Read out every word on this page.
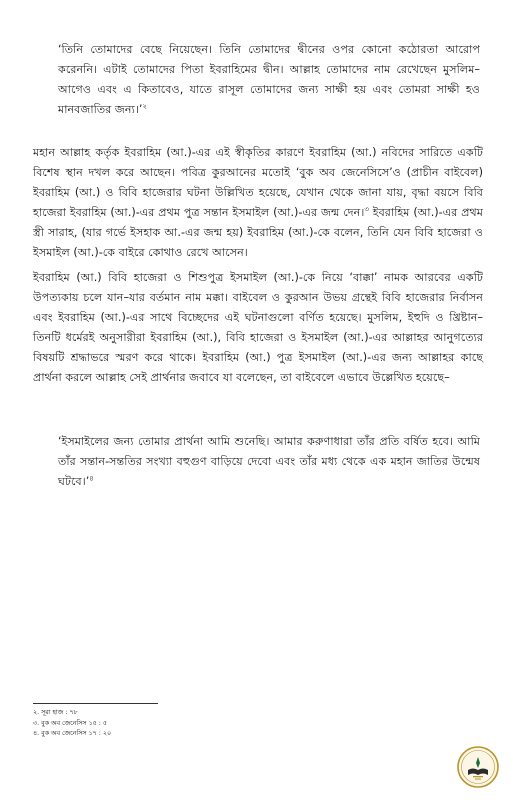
‘তিনি তোমাদের বেছে নিয়েছেন। তিনি তোমাদের দ্বীনের ওপর কোনো কঠোরতা আরোপ করেননি। এটাই তোমাদের পিতা ইবরাহিমের দ্বীন। আল্লাহ তোমাদের নাম রেখেছেন মুসলিম– আগেও এবং এ কিতাবেও, যাতে রাসূল তোমাদের জন্য সাক্ষী হয় এবং তোমরা সাক্ষী হও মানবজাতির জন্য।’$^২$

মহান আল্লাহ কর্তৃক ইবরাহিম (আ.)-এর এই স্বীকৃতির কারণে ইবরাহিম (আ.) নবিদের সারিতে একটি বিশেষ স্থান দখল করে আছেন। পবিত্র কুরআনের মতোই ‘বুক অব জেনেসিসে’ও (প্রাচীন বাইবেল) ইবরাহিম (আ.) ও বিবি হাজেরার ঘটনা উল্লিখিত হয়েছে, যেখান থেকে জানা যায়, বৃদ্ধা বয়সে বিবি হাজেরা ইবরাহিম (আ.)-এর প্রথম পুত্র সন্তান ইসমাইল (আ.)-এর জন্ম দেন।$^৩$ ইবরাহিম (আ.)-এর প্রথম স্ত্রী সারাহ, (যার গর্ভে ইসহাক আ.-এর জন্ম হয়) ইবরাহিম (আ.)-কে বলেন, তিনি যেন বিবি হাজেরা ও ইসমাইল (আ.)-কে বাইরে কোথাও রেখে আসেন।

ইবরাহিম (আ.) বিবি হাজেরা ও শিশুপুত্র ইসমাইল (আ.)-কে নিয়ে ‘বাক্কা’ নামক আরবের একটি উপত্যকায় চলে যান–যার বর্তমান নাম মক্কা। বাইবেল ও কুরআন উভয় গ্রন্থেই বিবি হাজেরার নির্বাসন এবং ইবরাহিম (আ.)-এর সাথে বিচ্ছেদের এই ঘটনাগুলো বর্ণিত হয়েছে। মুসলিম, ইহুদি ও খ্রিষ্টান– তিনটি ধর্মেরই অনুসারীরা ইবরাহিম (আ.), বিবি হাজেরা ও ইসমাইল (আ.)-এর আল্লাহর আনুগত্যের বিষয়টি শ্রদ্ধাভরে স্মরণ করে থাকে। ইবরাহিম (আ.) পুত্র ইসমাইল (আ.)-এর জন্য আল্লাহর কাছে প্রার্থনা করলে আল্লাহ সেই প্রার্থনার জবাবে যা বলেছেন, তা বাইবেলে এভাবে উল্লেখিত হয়েছে–

‘ইসমাইলের জন্য তোমার প্রার্থনা আমি শুনেছি। আমার করুণাধারা তাঁর প্রতি বর্ষিত হবে। আমি তাঁর সন্তান-সন্ততির সংখ্যা বহুগুণ বাড়িয়ে দেবো এবং তাঁর মধ্য থেকে এক মহান জাতির উন্মেষ ঘটবে।’$^৪$

২. সূরা হাজ : ৭৮
৩. বুক অব জেনেসিস ১৫ : ৫
৪. বুক অব জেনেসিস ১৭ : ২০
